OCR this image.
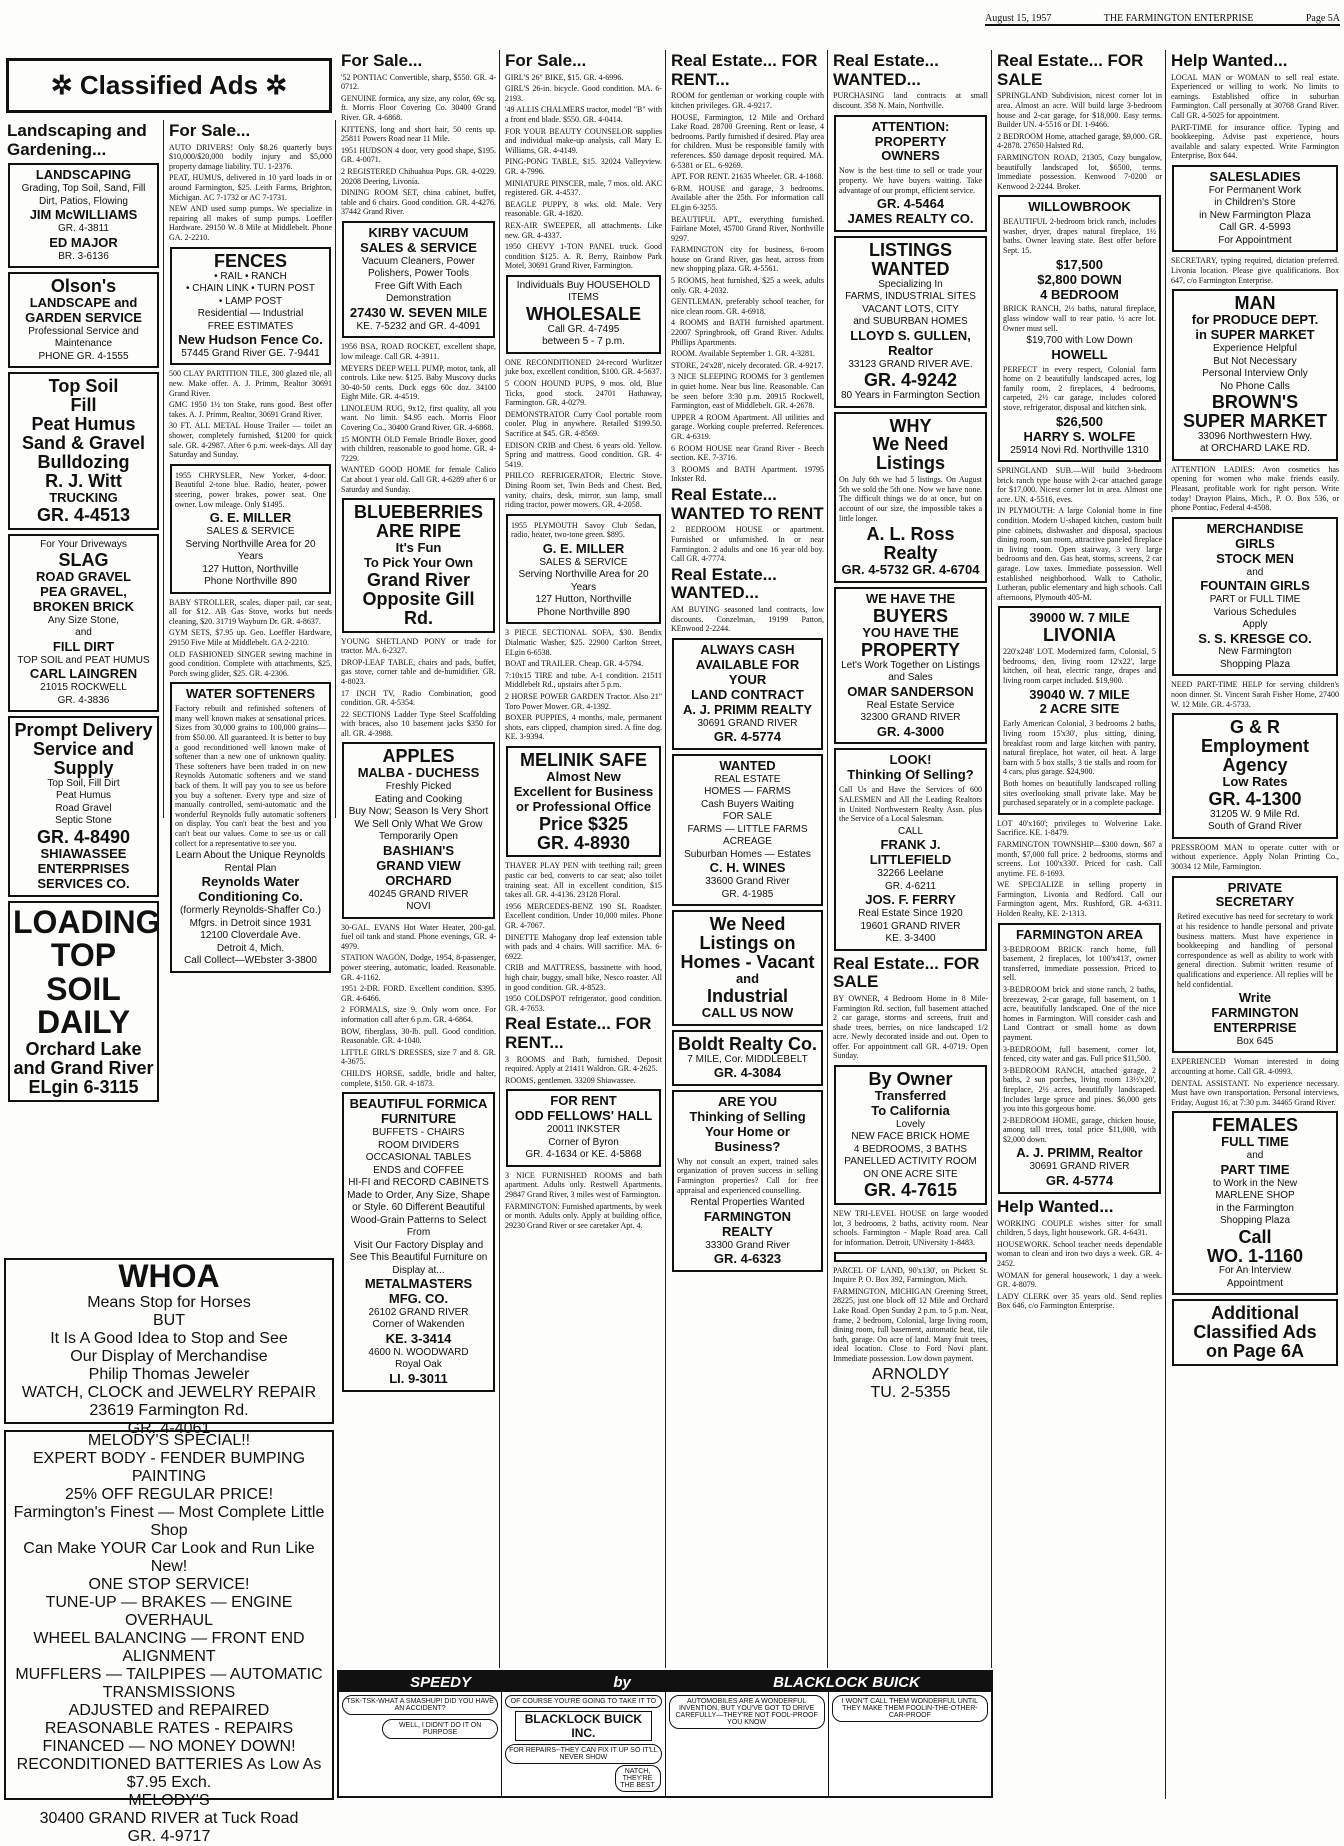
August 15, 1957	THE FARMINGTON ENTERPRISE	Page 5A
✲ Classified Ads ✲
Landscaping and Gardening...
LANDSCAPING
Grading, Top Soil, Sand, Fill Dirt, Patios, Flowing
JIM McWILLIAMS
GR. 4-3811
ED MAJOR
BR. 3-6136
Olson's
LANDSCAPE and GARDEN SERVICE
Professional Service and Maintenance
PHONE GR. 4-1555
Top Soil
Fill
Peat Humus
Sand & Gravel
Bulldozing
R. J. Witt
TRUCKING
GR. 4-4513
For Your Driveways
SLAG
ROAD GRAVEL
PEA GRAVEL,
BROKEN BRICK
Any Size Stone,
and
FILL DIRT
TOP SOIL and PEAT HUMUS
CARL LAINGREN
21015 ROCKWELL
GR. 4-3836
Prompt Delivery
Service and
Supply
Top Soil, Fill Dirt
Peat Humus
Road Gravel
Septic Stone
GR. 4-8490
SHIAWASSEE ENTERPRISES SERVICES CO.
LOADING
TOP SOIL
DAILY
Orchard Lake
and Grand River
ELgin 6-3115
For Sale...

AUTO DRIVERS! Only $8.26 quarterly buys $10,000/$20,000 bodily injury and $5,000 property damage liability. TU. 1-2376.

PEAT, HUMUS, delivered in 10 yard loads in or around Farmington, $25. Leith Farms, Brighton, Michigan. AC 7-1732 or AC 7-1731.

NEW AND used sump pumps. We specialize in repairing all makes of sump pumps. Loeffler Hardware. 29150 W. 8 Mile at Middlebelt. Phone GA. 2-2210.

FENCES
• RAIL • RANCH
• CHAIN LINK • TURN POST
• LAMP POST
Residential — Industrial
FREE ESTIMATES
New Hudson Fence Co.
57445 Grand River GE. 7-9441

500 CLAY PARTITION TILE, 300 glazed tile, all new. Make offer. A. J. Primm, Realtor 30691 Grand River.

GMC 1950 1½ ton Stake, runs good. Best offer takes. A. J. Primm, Realtor, 30691 Grand River.

30 FT. ALL METAL House Trailer — toilet an shower, completely furnished, $1200 for quick sale. GR. 4-2987. After 6 p.m. week-days. All day Saturday and Sunday.

1955 CHRYSLER, New Yorker, 4-door. Beautiful 2-tone blue. Radio, heater, power steering, power brakes, power seat. One owner. Low mileage. Only $1495.
G. E. MILLER
SALES & SERVICE
Serving Northville Area for 20 Years
127 Hutton, Northville
Phone Northville 890

BABY STROLLER, scales, diaper pail, car seat, all for $12. AB Gas Stove, works but needs cleaning, $20. 31719 Wayburn Dr. GR. 4-8637.

GYM SETS, $7.95 up. Geo. Loeffler Hardware, 29150 Five Mile at Middlebelt. GA 2-2210.

OLD FASHIONED SINGER sewing machine in good condition. Complete with attachments, $25. Porch swing glider, $25. GR. 4-2306.

WATER SOFTENERS
Factory rebuilt and refinished softeners of many well known makes at sensational prices. Sizes from 30,000 grains to 100,000 grains—from $50.00. All guaranteed. It is better to buy a good reconditioned well known make of softener than a new one of unknown quality. These softeners have been traded in on new Reynolds Automatic softeners and we stand back of them. It will pay you to see us before you buy a softener. Every type and size of manually controlled, semi-automatic and the wonderful Reynolds fully automatic softeners on display. You can't beat the best and you can't beat our values. Come to see us or call collect for a representative to see you.
Learn About the Unique Reynolds Rental Plan
Reynolds Water Conditioning Co.
(formerly Reynolds-Shaffer Co.)
Mfgrs. in Detroit since 1931
12100 Cloverdale Ave.
Detroit 4, Mich.
Call Collect—WEbster 3-3800
WHOA
Means Stop for Horses
BUT
It Is A Good Idea to Stop and See
Our Display of Merchandise
Philip Thomas Jeweler
WATCH, CLOCK and JEWELRY REPAIR
23619 Farmington Rd.
GR. 4-4061
MELODY'S SPECIAL!!
EXPERT BODY - FENDER BUMPING
PAINTING
25% OFF REGULAR PRICE!
Farmington's Finest — Most Complete Little Shop
Can Make YOUR Car Look and Run Like New!
ONE STOP SERVICE!
TUNE-UP — BRAKES — ENGINE OVERHAUL
WHEEL BALANCING — FRONT END ALIGNMENT
MUFFLERS — TAILPIPES — AUTOMATIC TRANSMISSIONS
ADJUSTED and REPAIRED
REASONABLE RATES - REPAIRS
FINANCED — NO MONEY DOWN!
RECONDITIONED BATTERIES As Low As $7.95 Exch.
MELODY'S
30400 GRAND RIVER at Tuck Road
GR. 4-9717
For Sale...

'52 PONTIAC Convertible, sharp, $550. GR. 4-0712.

GENUINE formica, any size, any color, 69c sq. ft. Morris Floor Covering Co. 30400 Grand River. GR. 4-6868.

KITTENS, long and short hair, 50 cents up. 25811 Powers Road near 11 Mile.

1951 HUDSON 4 door, very good shape, $195. GR. 4-0071.

2 REGISTERED Chihuahua Pups. GR. 4-0229. 20208 Deering, Livonia.

DINING ROOM SET, china cabinet, buffet, table and 6 chairs. Good condition. GR. 4-4276. 37442 Grand River.

KIRBY VACUUM
SALES & SERVICE
Vacuum Cleaners, Power Polishers, Power Tools
Free Gift With Each Demonstration
27430 W. SEVEN MILE
KE. 7-5232 and GR. 4-4091

1956 BSA, ROAD ROCKET, excellent shape, low mileage. Call GR. 4-3911.

MEYERS DEEP WELL PUMP, motor, tank, all controls. Like new. $125. Baby Muscovy ducks 30-40-50 cents. Duck eggs 60c doz. 34100 Eight Mile. GR. 4-4519.

LINOLEUM RUG, 9x12, first quality, all you want. No limit. $4.95 each. Morris Floor Covering Co., 30400 Grand River. GR. 4-6868.

15 MONTH OLD Female Brindle Boxer, good with children, reasonable to good home. GR. 4-7229.

WANTED GOOD HOME for female Calico Cat about 1 year old. Call GR. 4-6289 after 6 or Saturday and Sunday.

BLUEBERRIES
ARE RIPE
It's Fun
To Pick Your Own
Grand River
Opposite Gill Rd.

YOUNG SHETLAND PONY or trade for tractor. MA. 6-2327.

DROP-LEAF TABLE, chairs and pads, buffet, gas stove, corner table and de-humidifier. GR. 4-8023.

17 INCH TV, Radio Combination, good condition. GR. 4-5354.

22 SECTIONS Ladder Type Steel Scaffolding with braces, also 10 basement jacks $350 for all. GR. 4-3988.

APPLES
MALBA - DUCHESS
Freshly Picked
Eating and Cooking
Buy Now; Season Is Very Short
We Sell Only What We Grow
Temporarily Open
BASHIAN'S
GRAND VIEW
ORCHARD
40245 GRAND RIVER
NOVI

30-GAL. EVANS Hot Water Heater, 200-gal. fuel oil tank and stand. Phone evenings, GR. 4-4979.

STATION WAGON, Dodge, 1954, 8-passenger, power steering, automatic, loaded. Reasonable. GR. 4-1162.

1951 2-DR. FORD. Excellent condition. $395. GR. 4-6466.

2 FORMALS, size 9. Only worn once. For information call after 6 p.m. GR. 4-6864.

BOW, fiberglass, 30-lb. pull. Good condition. Reasonable. GR. 4-1040.

LITTLE GIRL'S DRESSES, size 7 and 8. GR. 4-3675.

CHILD'S HORSE, saddle, bridle and halter, complete, $150. GR. 4-1873.

BEAUTIFUL FORMICA FURNITURE
BUFFETS - CHAIRS
ROOM DIVIDERS
OCCASIONAL TABLES
ENDS and COFFEE
HI-FI and RECORD CABINETS
Made to Order, Any Size, Shape or Style. 60 Different Beautiful Wood-Grain Patterns to Select From
Visit Our Factory Display and See This Beautiful Furniture on Display at...
METALMASTERS MFG. CO.
26102 GRAND RIVER
Corner of Wakenden
KE. 3-3414
4600 N. WOODWARD
Royal Oak
LI. 9-3011
For Sale...

GIRL'S 26" BIKE, $15. GR. 4-6996.

GIRL'S 26-in. bicycle. Good condition. MA. 6-2193.

'49 ALLIS CHALMERS tractor, model "B" with a front end blade. $550. GR. 4-0414.

FOR YOUR BEAUTY COUNSELOR supplies and individual make-up analysis, call Mary E. Williams, GR. 4-4149.

PING-PONG TABLE, $15. 32024 Valleyview. GR. 4-7996.

MINIATURE PINSCER, male, 7 mos. old. AKC registered. GR. 4-4537.

BEAGLE PUPPY, 8 wks. old. Male. Very reasonable. GR. 4-1820.

REX-AIR SWEEPER, all attachments. Like new. GR. 4-4337.

1950 CHEVY 1-TON PANEL truck. Good condition $125. A. R. Berry, Rainbow Park Motel, 30691 Grand River, Farmington.

Individuals Buy HOUSEHOLD ITEMS
WHOLESALE
Call GR. 4-7495
between 5 - 7 p.m.

ONE RECONDITIONED 24-record Wurlitzer juke box, excellent condition, $100. GR. 4-5637.

5 COON HOUND PUPS, 9 mos. old, Blue Ticks, good stock. 24701 Hathaway, Farmington. GR. 4-0279.

DEMONSTRATOR Curry Cool portable room cooler. Plug in anywhere. Retailed $199.50. Sacrifice at $45. GR. 4-8569.

EDISON CRIB and Chest. 6 years old. Yellow. Spring and mattress. Good condition. GR. 4-5419.

PHILCO REFRIGERATOR, Electric Stove. Dining Room set, Twin Beds and Chest. Bed, vanity, chairs, desk, mirror, sun lamp, small riding tractor, power mowers. GR. 4-2058.

1955 PLYMOUTH Savoy Club Sedan, radio, heater, two-tone green. $895.
G. E. MILLER
SALES & SERVICE
Serving Northville Area for 20 Years
127 Hutton, Northville
Phone Northville 890

3 PIECE SECTIONAL SOFA, $30. Bendix Dialmatic Washer, $25. 22900 Carlton Street, ELgin 6-6538.

BOAT and TRAILER. Cheap. GR. 4-5794.

7:10x15 TIRE and tube. A-1 condition. 21511 Middlebelt Rd., upstairs after 5 p.m.

2 HORSE POWER GARDEN Tractor. Also 21" Toro Power Mower. GR. 4-1392.

BOXER PUPPIES, 4 months, male, permanent shots, ears clipped, champion sired. A fine dog. KE. 3-9394.

MELINIK SAFE
Almost New
Excellent for Business
or Professional Office
Price $325
GR. 4-8930

THAYER PLAY PEN with teething rail; green pastic car bed, converts to car seat; also toilet training seat. All in excellent condition, $15 takes all. GR. 4-4136. 23128 Floral.

1956 MERCEDES-BENZ 190 SL Roadster. Excellent condition. Under 10,000 miles. Phone GR. 4-7067.

DINETTE Mahogany drop leaf extension table with pads and 4 chairs. Will sacrifice. MA. 6-6922.

CRIB and MATTRESS, bassinette with hood, high chair, buggy, small bike, Nesco roaster. All in good condition. GR. 4-8523.

1950 COLDSPOT refrigerator, good condition. GR. 4-7653.

Real Estate... FOR RENT...

3 ROOMS and Bath, furnished. Deposit required. Apply at 21411 Waldron. GR. 4-2625.

ROOMS, gentlemen. 33209 Shiawassee.

FOR RENT
ODD FELLOWS' HALL
20011 INKSTER
Corner of Byron
GR. 4-1634 or KE. 4-5868

3 NICE FURNISHED ROOMS and bath apartment. Adults only. Restwell Apartments. 29847 Grand River, 3 miles west of Farmington.

FARMINGTON: Furnished apartments, by week or month. Adults only. Apply at building office, 29230 Grand River or see caretaker Apt. 4.

Real Estate... FOR RENT...

ROOM for gentleman or working couple with kitchen privileges. GR. 4-9217.

HOUSE, Farmington, 12 Mile and Orchard Lake Road. 28700 Greening. Rent or lease, 4 bedrooms. Partly furnished if desired. Play area for children. Must be responsible family with references. $50 damage deposit required. MA. 6-5381 or EL. 6-9269.

APT. FOR RENT. 21635 Wheeler. GR. 4-1868.

6-RM. HOUSE and garage, 3 bedrooms. Available after the 25th. For information call ELgin 6-3255.

BEAUTIFUL APT., everything furnished. Fairlane Motel, 45700 Grand River, Northville 9297.

FARMINGTON city for business, 6-room house on Grand River, gas heat, across from new shopping plaza. GR. 4-5561.

5 ROOMS, heat furnished, $25 a week, adults only. GR. 4-2032.

GENTLEMAN, preferably school teacher, for nice clean room. GR. 4-6918.

4 ROOMS and BATH furnished apartment. 22007 Springbrook, off Grand River. Adults. Phillips Apartments.

ROOM. Available September 1. GR. 4-3281.

STORE, 24'x28', nicely decorated. GR. 4-9217.

3 NICE SLEEPING ROOMS for 3 gentlemen in quiet home. Near bus line. Reasonable. Can be seen before 3:30 p.m. 20915 Rockwell, Farmington, east of Middlebelt. GR. 4-2678.

UPPER 4 ROOM Apartment. All utilities and garage. Working couple preferred. References. GR. 4-6319.

6 ROOM HOUSE near Grand River - Beech section. KE. 7-3716.

3 ROOMS and BATH Apartment. 19795 Inkster Rd.

Real Estate... WANTED TO RENT

2 BEDROOM HOUSE or apartment. Furnished or unfurnished. In or near Farmington. 2 adults and one 16 year old boy. Call GR. 4-7774.

Real Estate... WANTED...

AM BUYING seasoned land contracts, low discounts. Conzelman, 19199 Patton, KEnwood 2-2244.

ALWAYS CASH
AVAILABLE FOR
YOUR
LAND CONTRACT
A. J. PRIMM REALTY
30691 GRAND RIVER
GR. 4-5774
WANTED
REAL ESTATE
HOMES — FARMS
Cash Buyers Waiting
FOR SALE
FARMS — LITTLE FARMS
ACREAGE
Suburban Homes — Estates
C. H. WINES
33600 Grand River
GR. 4-1985
We Need
Listings on
Homes - Vacant
and
Industrial
CALL US NOW
Boldt Realty Co.
7 MILE, Cor. MIDDLEBELT
GR. 4-3084
ARE YOU
Thinking of Selling
Your Home or
Business?
Why not consult an expert, trained sales organization of proven success in selling Farmington properties? Call for free appraisal and experienced counselling.
Rental Properties Wanted
FARMINGTON
REALTY
33300 Grand River
GR. 4-6323
Real Estate... WANTED...

PURCHASING land contracts at small discount. 358 N. Main, Northville.

ATTENTION:
PROPERTY
OWNERS
Now is the best time to sell or trade your property. We have buyers waiting. Take advantage of our prompt, efficient service.
GR. 4-5464
JAMES REALTY CO.
LISTINGS
WANTED
Specializing In
FARMS, INDUSTRIAL SITES
VACANT LOTS, CITY
and SUBURBAN HOMES
LLOYD S. GULLEN, Realtor
33123 GRAND RIVER AVE.
GR. 4-9242
80 Years in Farmington Section
WHY
We Need Listings
On July 6th we had 5 listings. On August 5th we sold the 5th one. Now we have none. The difficult things we do at once, but on account of our size, the impossible takes a little longer.
A. L. Ross Realty
GR. 4-5732 GR. 4-6704
WE HAVE THE
BUYERS
YOU HAVE THE
PROPERTY
Let's Work Together on Listings and Sales
OMAR SANDERSON
Real Estate Service
32300 GRAND RIVER
GR. 4-3000
LOOK!
Thinking Of Selling?
Call Us and Have the Services of 600 SALESMEN and All the Leading Realtors in United Northwestern Realty Assn. plus the Service of a Local Salesman.
CALL
FRANK J. LITTLEFIELD
32266 Leelane
GR. 4-6211
JOS. F. FERRY
Real Estate Since 1920
19601 GRAND RIVER
KE. 3-3400
Real Estate... FOR SALE

BY OWNER, 4 Bedroom Home in 8 Mile-Farmington Rd. section, full basement attached 2 car garage, storms and screens, fruit and shade trees, berries, on nice landscaped 1/2 acre. Newly decorated inside and out. Open to offer. For appointment call GR. 4-0719. Open Sunday.

By Owner
Transferred
To California
Lovely
NEW FACE BRICK HOME
4 BEDROOMS, 3 BATHS
PANELLED ACTIVITY ROOM
ON ONE ACRE SITE
GR. 4-7615

NEW TRI-LEVEL HOUSE on large wooded lot, 3 bedrooms, 2 baths, activity room. Near schools. Farmington - Maple Road area. Call for information. Detroit, UNiversity 1-8483.

PARCEL OF LAND, 90'x130', on Pickett St. Inquire P. O. Box 392, Farmington, Mich.

FARMINGTON, MICHIGAN Greening Street, 28225, just one block off 12 Mile and Orchard Lake Road. Open Sunday 2 p.m. to 5 p.m. Neat, frame, 2 bedroom, Colonial, large living room, dining room, full basement, automatic heat, tile bath, garage. On acre of land. Many fruit trees, ideal location. Close to Ford Novi plant. Immediate possession. Low down payment.

ARNOLDY
TU. 2-5355
SPEEDY	by	BLACKLOCK BUICK
TSK-TSK-WHAT A SMASHUP! DID YOU HAVE AN ACCIDENT?
WELL, I DIDN'T DO IT ON PURPOSE
OF COURSE YOU'RE GOING TO TAKE IT TO
BLACKLOCK BUICK INC.
FOR REPAIRS--THEY CAN FIX IT UP SO IT'LL NEVER SHOW
NATCH, THEY'RE THE BEST
AUTOMOBILES ARE A WONDERFUL INVENTION, BUT YOU'VE GOT TO DRIVE CAREFULLY—THEY'RE NOT FOOL-PROOF YOU KNOW
I WON'T CALL THEM WONDERFUL UNTIL THEY MAKE THEM FOOLIN-THE-OTHER-CAR-PROOF
Real Estate... FOR SALE

SPRINGLAND Subdivision, nicest corner lot in area. Almost an acre. Will build large 3-bedroom house and 2-car garage, for $18,000. Easy terms. Builder UN. 4-5516 or DI. 1-9466.

2 BEDROOM Home, attached garage, $9,000. GR. 4-2878. 27650 Halsted Rd.

FARMINGTON ROAD, 21305, Cozy bungalow, beautifully landscaped lot, $6500, terms. Immediate possession. Kenwood 7-0200 or Kenwood 2-2244. Broker.

WILLOWBROOK
BEAUTIFUL 2-bedroom brick ranch, includes washer, dryer, drapes natural fireplace, 1½ baths. Owner leaving state. Best offer before Sept. 15.
$17,500
$2,800 DOWN
4 BEDROOM
BRICK RANCH, 2½ baths, natural fireplace, glass window wall to rear patio. ½ acre lot. Owner must sell.
$19,700 with Low Down
HOWELL
PERFECT in every respect, Colonial farm home on 2 beautifully landscaped acres, log family room, 2 fireplaces, 4 bedrooms, carpeted, 2½ car garage, includes colored stove, refrigerator, disposal and kitchen sink.
$26,500
HARRY S. WOLFE
25914 Novi Rd. Northville 1310

SPRINGLAND SUB.—Will build 3-bedroom brick ranch type house with 2-car attached garage for $17,000. Nicest corner lot in area. Almost one acre. UN. 4-5516, eves.

IN PLYMOUTH: A large Colonial home in fine condition. Modern U-shaped kitchen, custom built pine cabinets, dishwasher and disposal, spacious dining room, sun room, attractive paneled fireplace in living room. Open stairway, 3 very large bedrooms and den. Gas heat, storms, screens, 2 car garage. Low taxes. Immediate possession. Well established neighborhood. Walk to Catholic, Lutheran, public elementary and high schools. Call afternoons, Plymouth 405-M.

39000 W. 7 MILE
LIVONIA
220'x248' LOT. Modernized farm, Colonial, 5 bedrooms, den, living room 12'x22', large kitchen, oil heat, electric range, drapes and living room carpet included. $19,900.
39040 W. 7 MILE
2 ACRE SITE
Early American Colonial, 3 bedrooms 2 baths, living room 15'x30', plus sitting, dining, breakfast room and large kitchen with pantry, natural fireplace, hot water, oil heat. A large barn with 5 box stalls, 3 tie stalls and room for 4 cars, plus garage. $24,900.
Both homes on beautifully landscaped rolling sites overlooking small private lake. May be purchased separately or in a complete package.

LOT 40'x160'; privileges to Wolverine Lake. Sacrifice. KE. 1-8479.

FARMINGTON TOWNSHIP—$300 down, $67 a month, $7,000 full price. 2 bedrooms, storms and screens. Lot 100'x330'. Priced for cash. Call anytime. FE. 8-1693.

WE SPECIALIZE in selling property in Farmington, Livonia and Redford. Call our Farmington agent, Mrs. Rushford, GR. 4-6311. Holden Realty, KE. 2-1313.

FARMINGTON AREA
3-BEDROOM BRICK ranch home, full basement, 2 fireplaces, lot 100'x413', owner transferred, immediate possession. Priced to sell.
3-BEDROOM brick and stone ranch, 2 baths, breezeway, 2-car garage, full basement, on 1 acre, beautifully landscaped. One of the nice homes in Farmington. Will consider cash and Land Contract or small home as down payment.
3-BEDROOM, full basement, corner lot, fenced, city water and gas. Full price $11,500.
3-BEDROOM RANCH, attached garage, 2 baths, 2 sun porches, living room 13½'x20', fireplace, 2½ acres, beautifully landscaped. Includes large spruce and pines. $6,000 gets you into this gorgeous home.
2-BEDROOM HOME, garage, chicken house, among tall trees, total price $11,000, with $2,000 down.
A. J. PRIMM, Realtor
30691 GRAND RIVER
GR. 4-5774
Help Wanted...

WORKING COUPLE wishes sitter for small children, 5 days, light housework. GR. 4-6431.

HOUSEWORK. School teacher needs dependable woman to clean and iron two days a week. GR. 4-2452.

WOMAN for general housework, 1 day a week. GR. 4-8079.

LADY CLERK over 35 years old. Send replies Box 646, c/o Farmington Enterprise.

Help Wanted...

LOCAL MAN or WOMAN to sell real estate. Experienced or willing to work. No limits to earnings. Established office in suburban Farmington. Call personally at 30768 Grand River. Call GR. 4-5025 for appointment.

PART-TIME for insurance office. Typing and bookkeeping. Advise past experience, hours available and salary expected. Write Farmington Enterprise, Box 644.

SALESLADIES
For Permanent Work
in Children's Store
in New Farmington Plaza
Call GR. 4-5993
For Appointment

SECRETARY, typing required, dictation preferred. Livonia location. Please give qualifications. Box 647, c/o Farmington Enterprise.

MAN
for PRODUCE DEPT.
in SUPER MARKET
Experience Helpful
But Not Necessary
Personal Interview Only
No Phone Calls
BROWN'S
SUPER MARKET
33096 Northwestern Hwy.
at ORCHARD LAKE RD.

ATTENTION LADIES: Avon cosmetics has opening for women who make friends easily. Pleasant, profitable work for right person. Write today! Drayton Plains, Mich., P. O. Box 536, or phone Pontiac, Federal 4-4508.

MERCHANDISE
GIRLS
STOCK MEN
and
FOUNTAIN GIRLS
PART or FULL TIME
Various Schedules
Apply
S. S. KRESGE CO.
New Farmington
Shopping Plaza

NEED PART-TIME HELP for serving children's noon dinner. St. Vincent Sarah Fisher Home, 27400 W. 12 Mile. GR. 4-5733.

G & R
Employment
Agency
Low Rates
GR. 4-1300
31205 W. 9 Mile Rd.
South of Grand River

PRESSROOM MAN to operate cutter with or without experience. Apply Nolan Printing Co., 30034 12 Mile, Farmington.

PRIVATE
SECRETARY
Retired executive has need for secretary to work at his residence to handle personal and private business matters. Must have experience in bookkeeping and handling of personal correspondence as well as ability to work with general direction. Submit written resume of qualifications and experience. All replies will be held confidential.
Write
FARMINGTON
ENTERPRISE
Box 645

EXPERIENCED Woman interested in doing accounting at home. Call GR. 4-0993.

DENTAL ASSISTANT. No experience necessary. Must have own transportation. Personal interviews, Friday, August 16, at 7:30 p.m. 34465 Grand River.

FEMALES
FULL TIME
and
PART TIME
to Work in the New
MARLENE SHOP
in the Farmington
Shopping Plaza
Call
WO. 1-1160
For An Interview
Appointment
Additional
Classified Ads
on Page 6A
